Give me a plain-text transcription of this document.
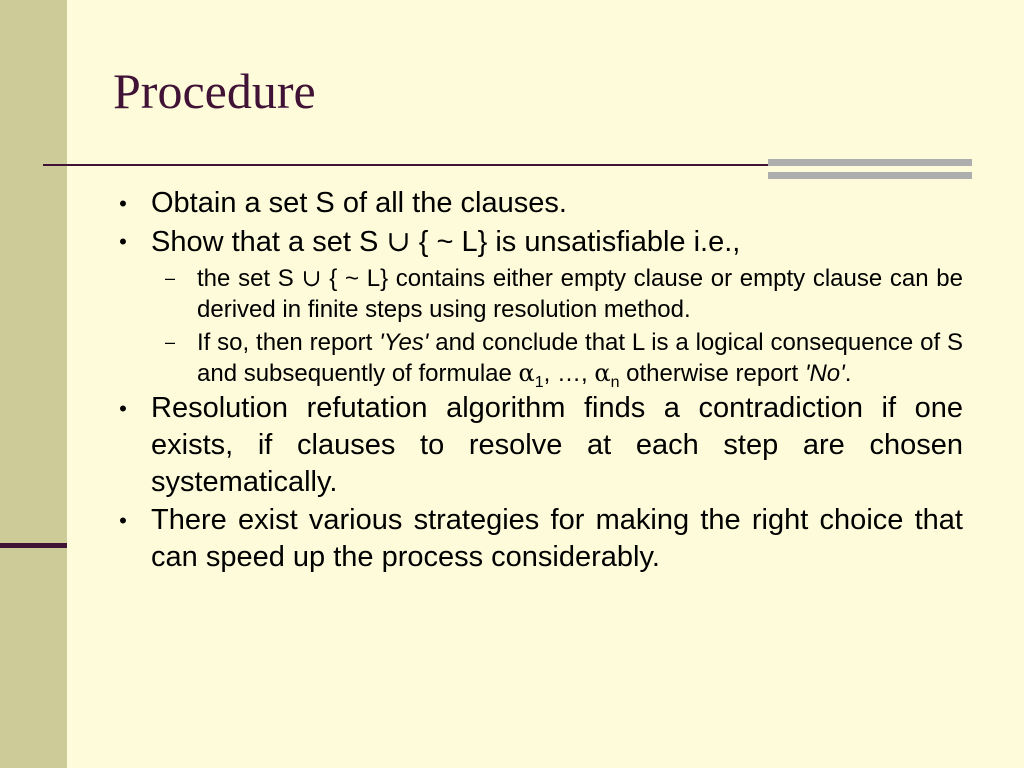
Procedure
• Obtain a set S of all the clauses.
• Show that a set S ∪ { ~ L} is unsatisfiable i.e.,
– the set S ∪ { ~ L} contains either empty clause or empty clause can be derived in finite steps using resolution method.
– If so, then report 'Yes' and conclude that L is a logical consequence of S and subsequently of formulae $\alpha_1$, …, $\alpha_n$ otherwise report 'No'.
• Resolution refutation algorithm finds a contradiction if one exists, if clauses to resolve at each step are chosen systematically.
• There exist various strategies for making the right choice that can speed up the process considerably.
